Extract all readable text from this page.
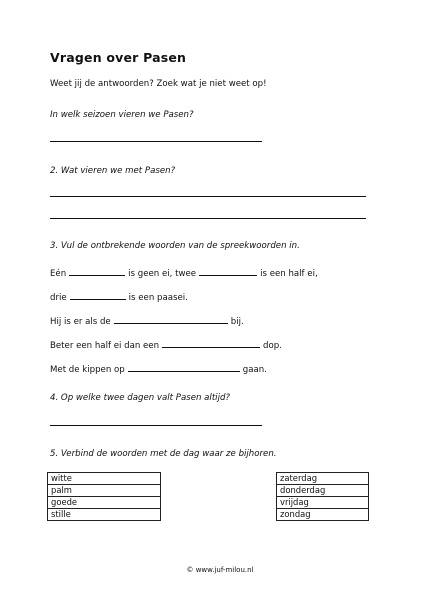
Vragen over Pasen
Weet jij de antwoorden? Zoek wat je niet weet op!
In welk seizoen vieren we Pasen?
2. Wat vieren we met Pasen?
3. Vul de ontbrekende woorden van de spreekwoorden in.
Eén	is geen ei, twee	is een half ei,
drie	is een paasei.
Hij is er als de	bij.
Beter een half ei dan een	dop.
Met de kippen op	gaan.
4. Op welke twee dagen valt Pasen altijd?
5. Verbind de woorden met de dag waar ze bijhoren.
witte
palm
goede
stille
zaterdag
donderdag
vrijdag
zondag
© www.juf-milou.nl
